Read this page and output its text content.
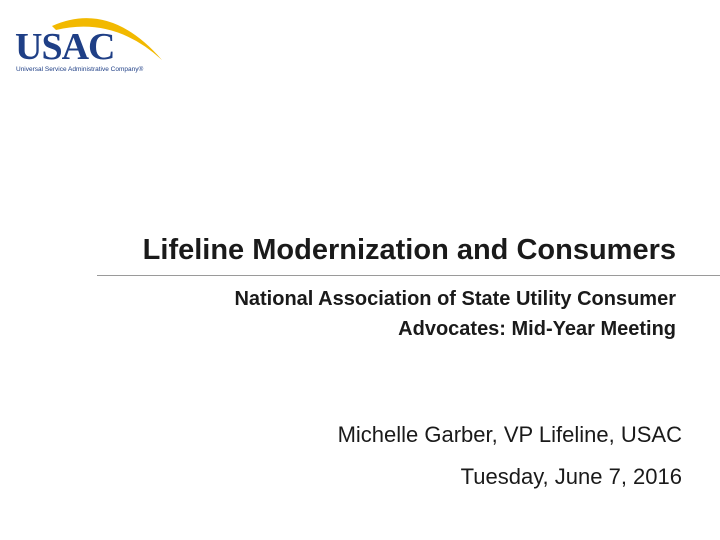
USAC
Universal Service Administrative Company®
Lifeline Modernization and Consumers
National Association of State Utility Consumer
Advocates: Mid-Year Meeting
Michelle Garber, VP Lifeline, USAC
Tuesday, June 7, 2016
